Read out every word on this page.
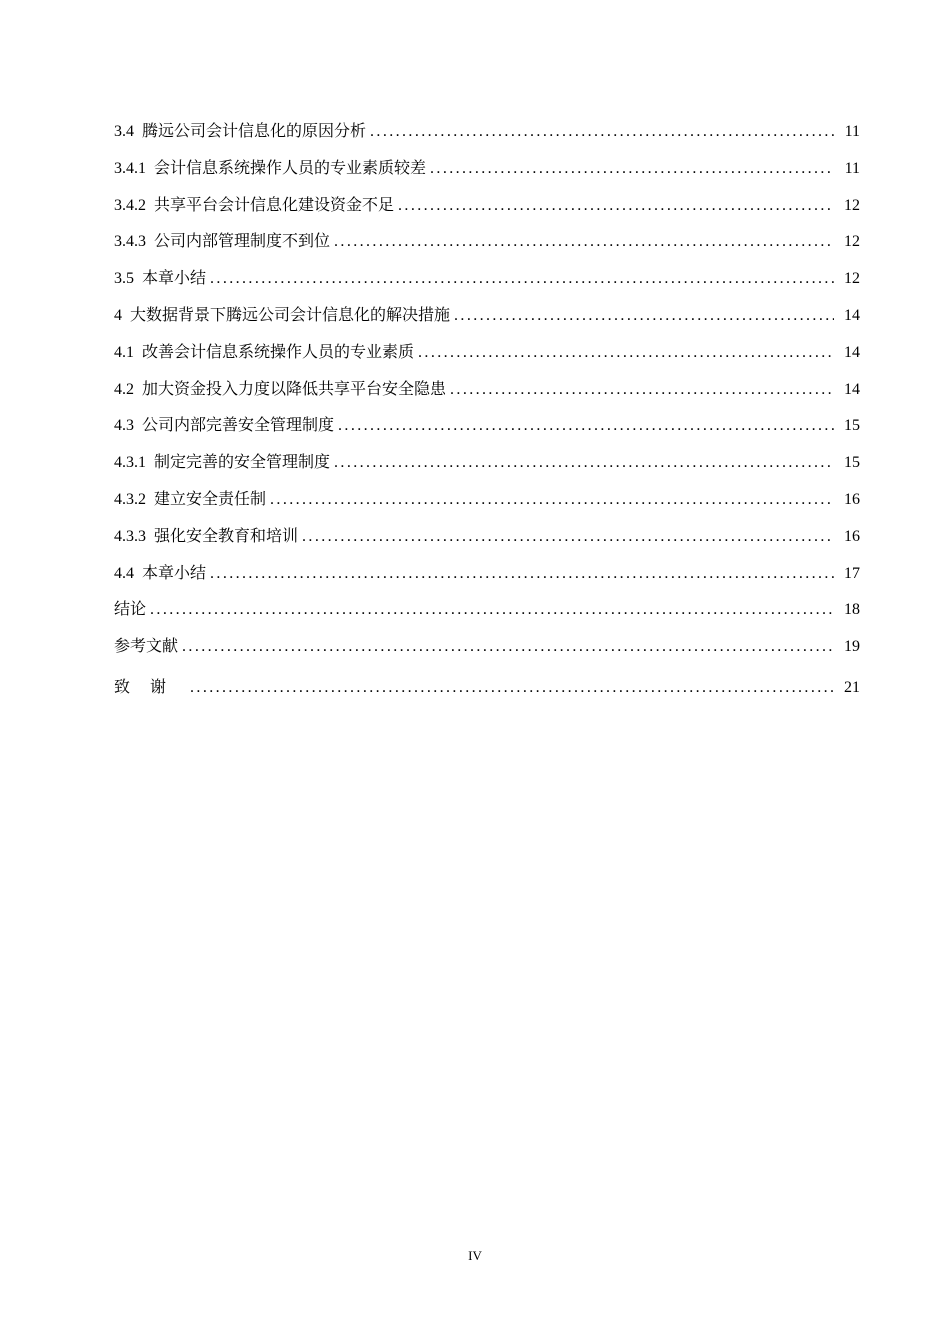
3.4 腾远公司会计信息化的原因分析 .....	11
3.4.1 会计信息系统操作人员的专业素质较差 .....	11
3.4.2 共享平台会计信息化建设资金不足 .....	12
3.4.3 公司内部管理制度不到位 .....	12
3.5 本章小结 .....	12
4 大数据背景下腾远公司会计信息化的解决措施 .....	14
4.1 改善会计信息系统操作人员的专业素质 .....	14
4.2 加大资金投入力度以降低共享平台安全隐患 .....	14
4.3 公司内部完善安全管理制度 .....	15
4.3.1 制定完善的安全管理制度 .....	15
4.3.2 建立安全责任制 .....	16
4.3.3 强化安全教育和培训 .....	16
4.4 本章小结 .....	17
结论 .....	18
参考文献 .....	19
致谢 .....	21
IV
